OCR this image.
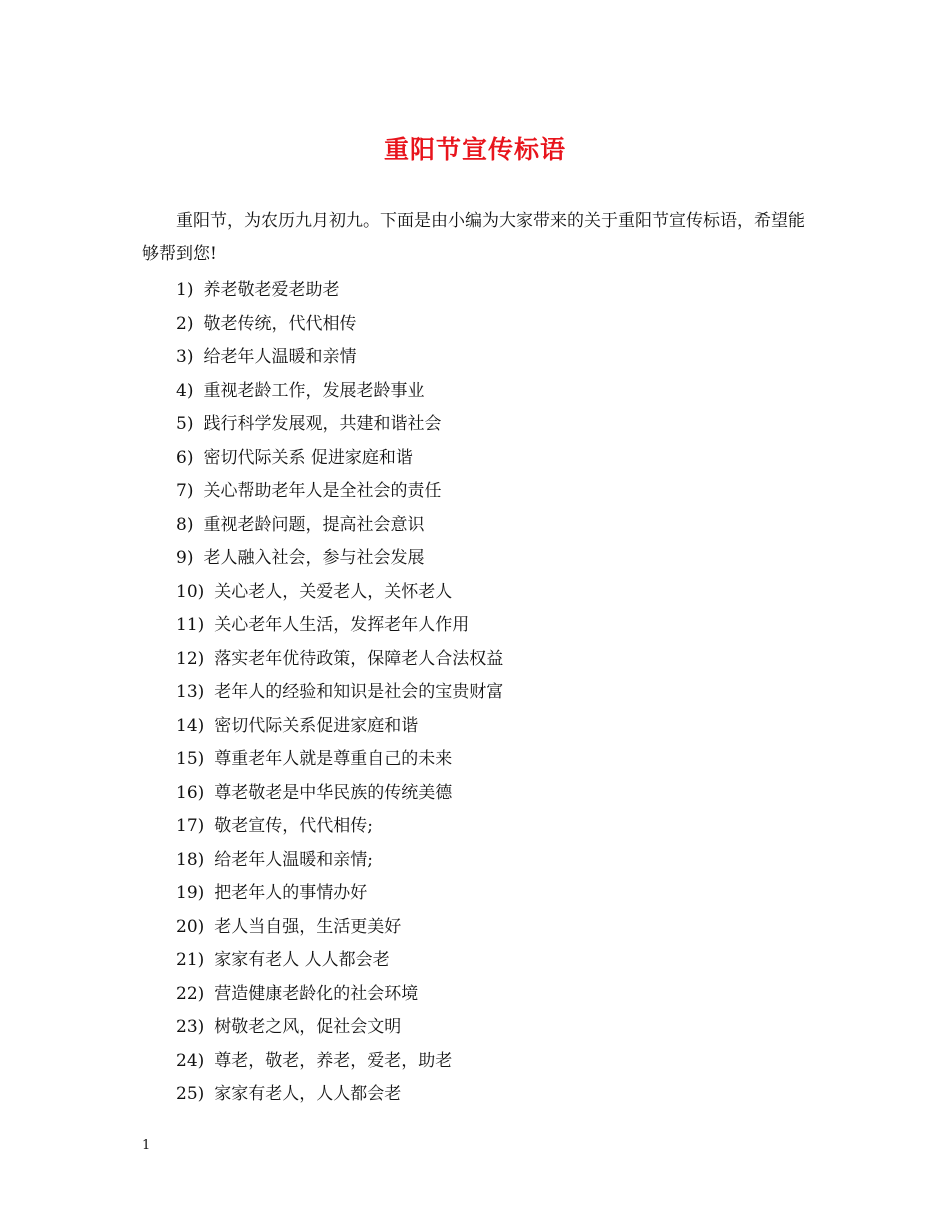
重阳节宣传标语
重阳节，为农历九月初九。下面是由小编为大家带来的关于重阳节宣传标语，希望能够帮到您!
1) 养老敬老爱老助老
2) 敬老传统，代代相传
3) 给老年人温暖和亲情
4) 重视老龄工作，发展老龄事业
5) 践行科学发展观，共建和谐社会
6) 密切代际关系 促进家庭和谐
7) 关心帮助老年人是全社会的责任
8) 重视老龄问题，提高社会意识
9) 老人融入社会，参与社会发展
10) 关心老人，关爱老人，关怀老人
11) 关心老年人生活，发挥老年人作用
12) 落实老年优待政策，保障老人合法权益
13) 老年人的经验和知识是社会的宝贵财富
14) 密切代际关系促进家庭和谐
15) 尊重老年人就是尊重自己的未来
16) 尊老敬老是中华民族的传统美德
17) 敬老宣传，代代相传;
18) 给老年人温暖和亲情;
19) 把老年人的事情办好
20) 老人当自强，生活更美好
21) 家家有老人 人人都会老
22) 营造健康老龄化的社会环境
23) 树敬老之风，促社会文明
24) 尊老，敬老，养老，爱老，助老
25) 家家有老人，人人都会老
1
